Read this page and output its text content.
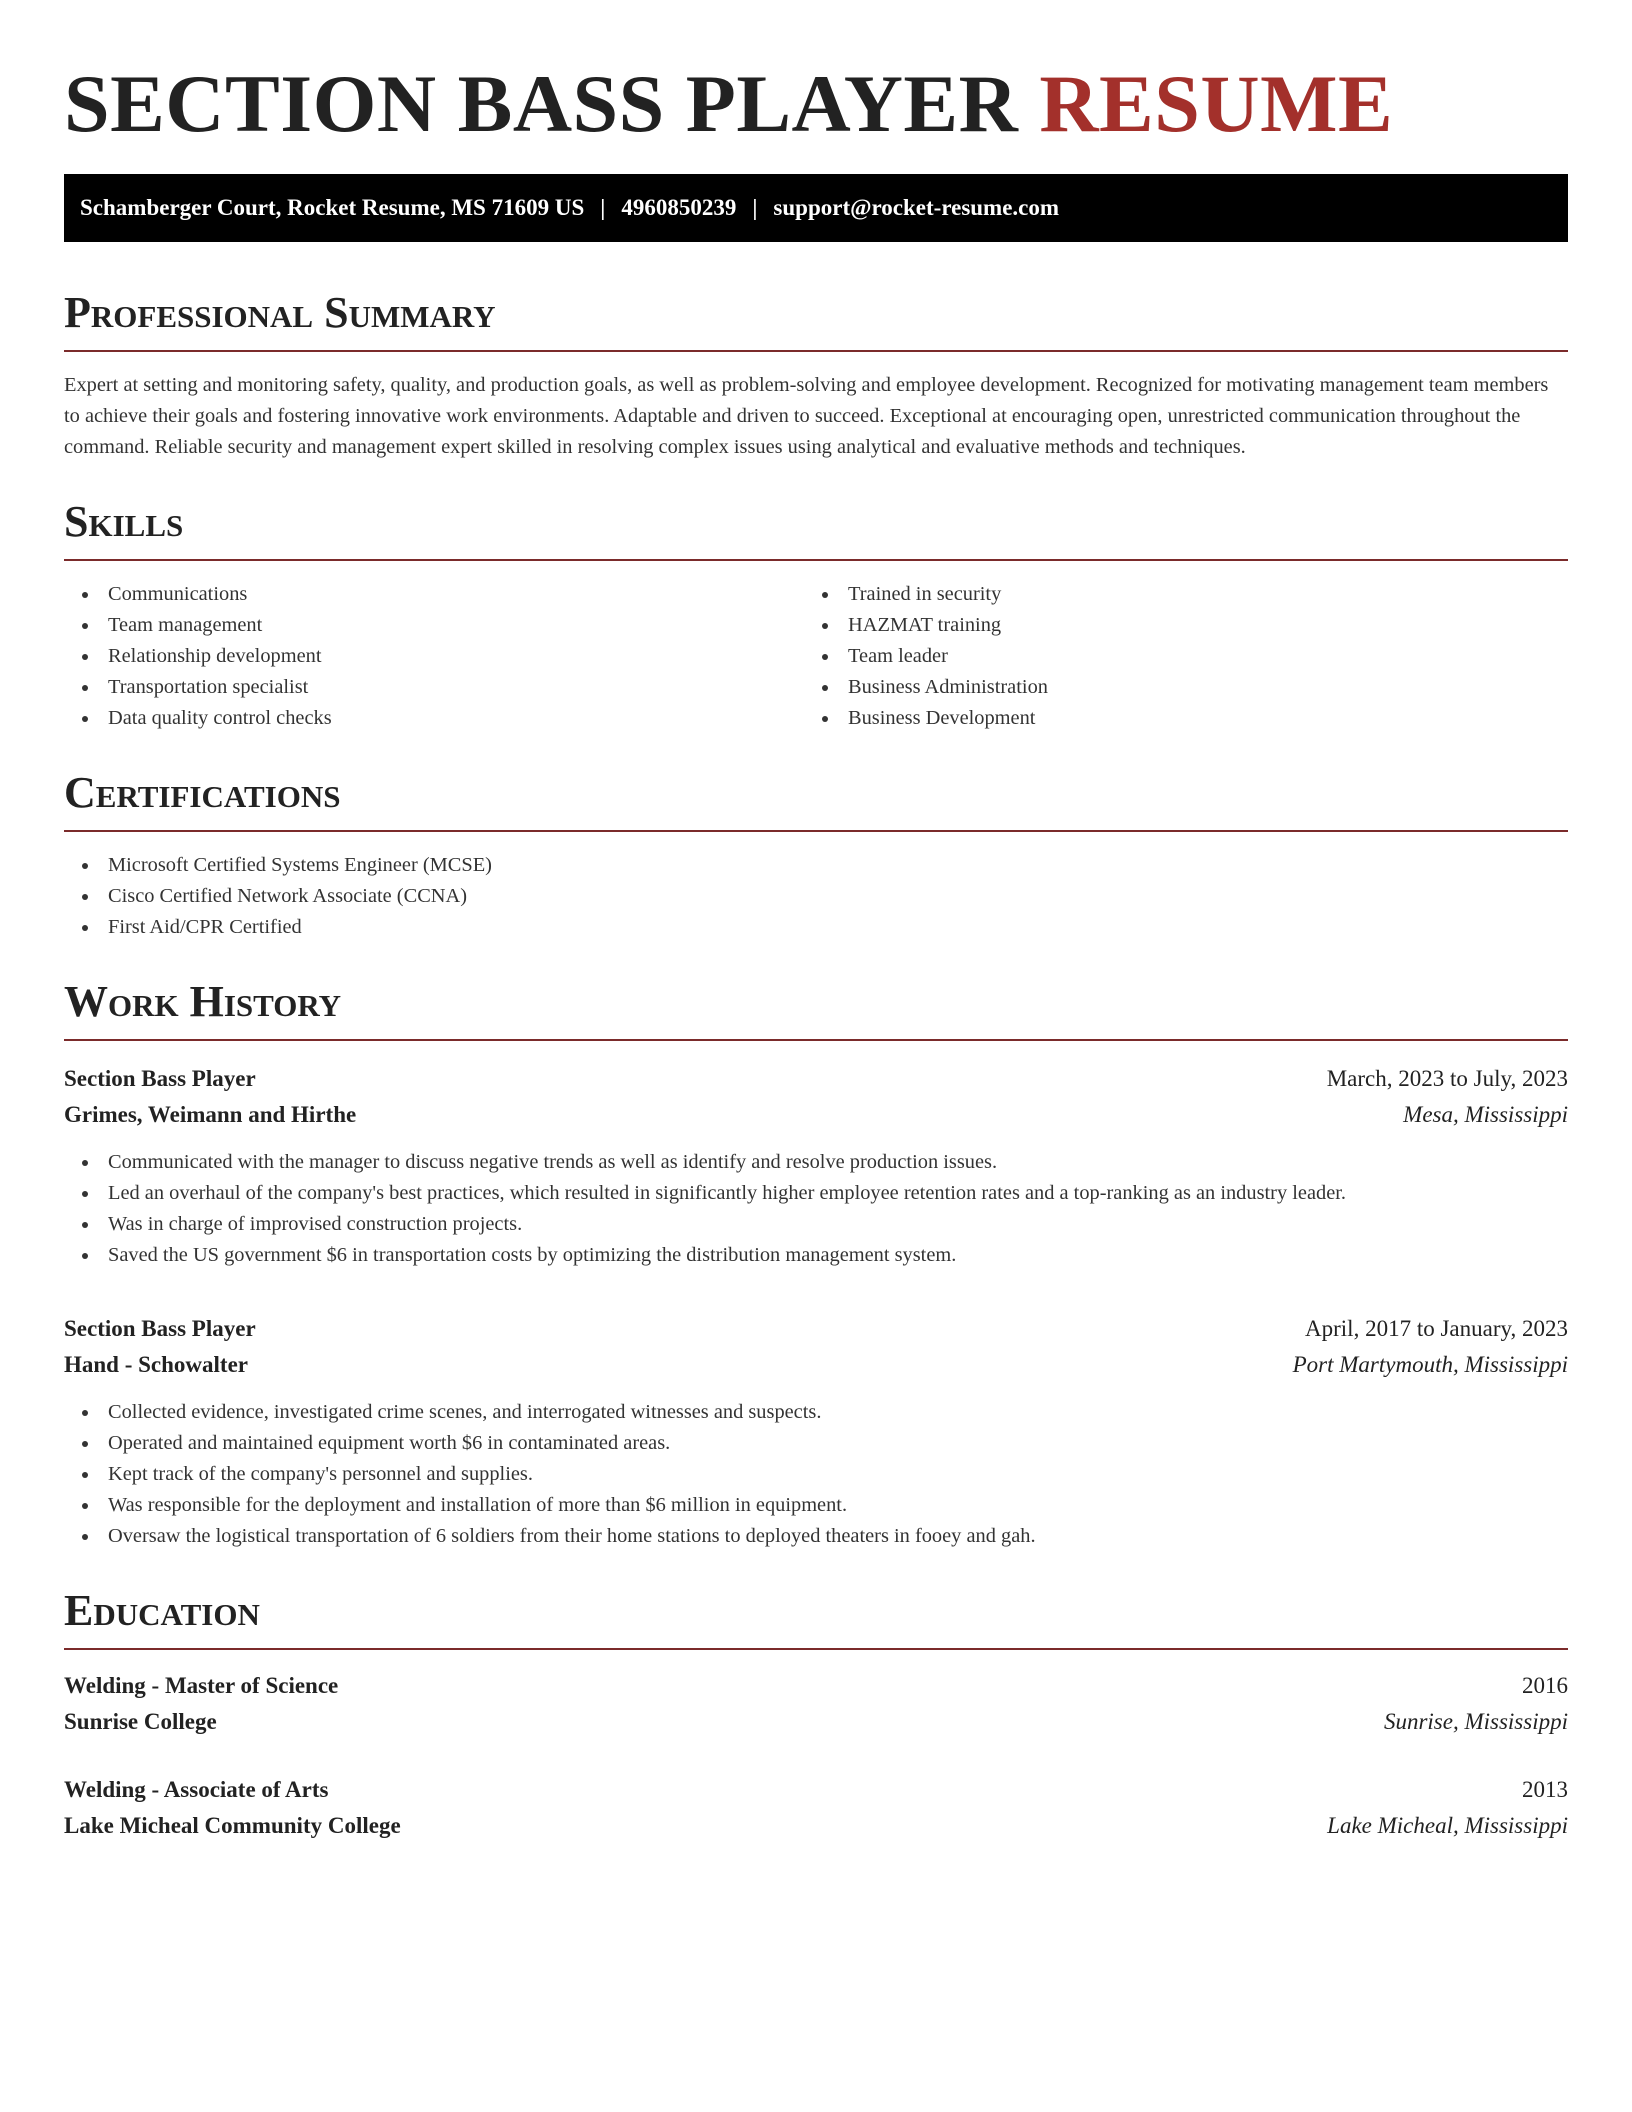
SECTION BASS PLAYER RESUME
Schamberger Court, Rocket Resume, MS 71609 US | 4960850239 | support@rocket-resume.com
Professional Summary

Expert at setting and monitoring safety, quality, and production goals, as well as problem-solving and employee development. Recognized for motivating management team members to achieve their goals and fostering innovative work environments. Adaptable and driven to succeed. Exceptional at encouraging open, unrestricted communication throughout the command. Reliable security and management expert skilled in resolving complex issues using analytical and evaluative methods and techniques.

Skills
Communications
Team management
Relationship development
Transportation specialist
Data quality control checks
Trained in security
HAZMAT training
Team leader
Business Administration
Business Development
Certifications
Microsoft Certified Systems Engineer (MCSE)
Cisco Certified Network Associate (CCNA)
First Aid/CPR Certified
Work History
Section Bass Player	March, 2023 to July, 2023
Grimes, Weimann and Hirthe	Mesa, Mississippi
Communicated with the manager to discuss negative trends as well as identify and resolve production issues.
Led an overhaul of the company's best practices, which resulted in significantly higher employee retention rates and a top-ranking as an industry leader.
Was in charge of improvised construction projects.
Saved the US government $6 in transportation costs by optimizing the distribution management system.
Section Bass Player	April, 2017 to January, 2023
Hand - Schowalter	Port Martymouth, Mississippi
Collected evidence, investigated crime scenes, and interrogated witnesses and suspects.
Operated and maintained equipment worth $6 in contaminated areas.
Kept track of the company's personnel and supplies.
Was responsible for the deployment and installation of more than $6 million in equipment.
Oversaw the logistical transportation of 6 soldiers from their home stations to deployed theaters in fooey and gah.
Education
Welding - Master of Science	2016
Sunrise College	Sunrise, Mississippi
Welding - Associate of Arts	2013
Lake Micheal Community College	Lake Micheal, Mississippi
